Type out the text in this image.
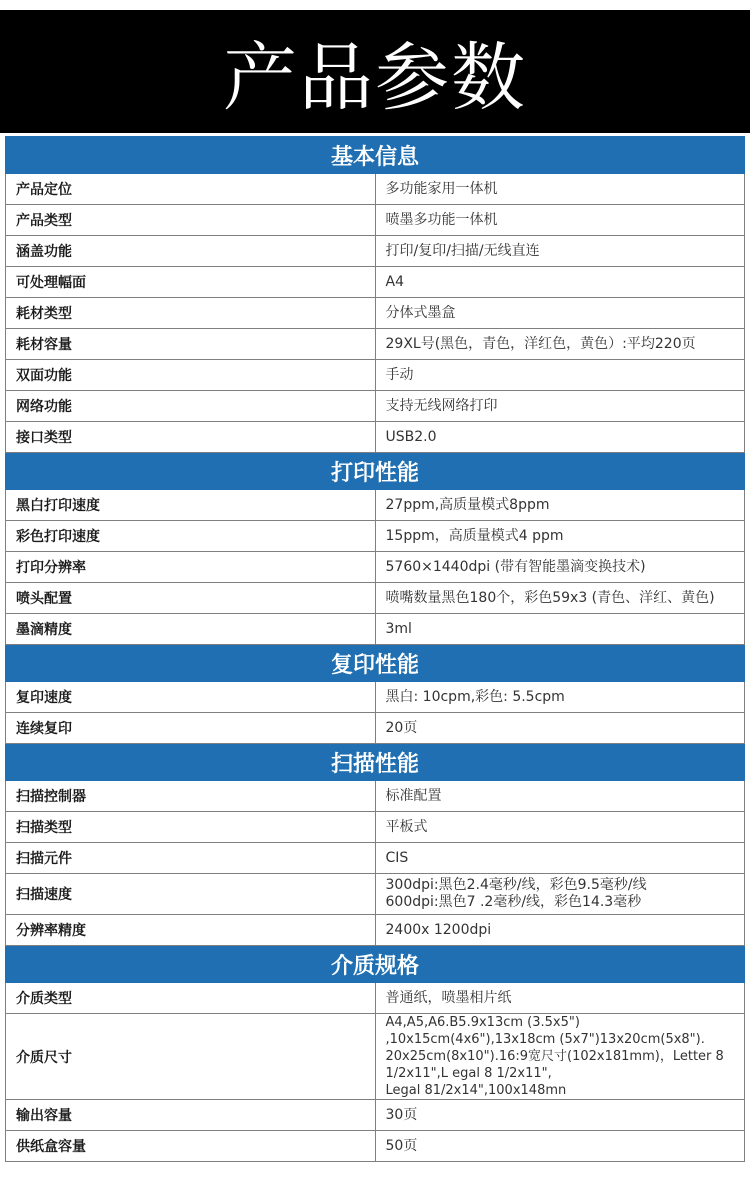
产品参数
基本信息	
产品定位	多功能家用一体机
产品类型	喷墨多功能一体机
涵盖功能	打印/复印/扫描/无线直连
可处理幅面	A4
耗材类型	分体式墨盒
耗材容量	29XL号(黑色，青色，洋红色，黄色）:平均220页
双面功能	手动
网络功能	支持无线网络打印
接口类型	USB2.0
打印性能	
黑白打印速度	27ppm,高质量模式8ppm
彩色打印速度	15ppm，高质量模式4 ppm
打印分辨率	5760×1440dpi (带有智能墨滴变换技术)
喷头配置	喷嘴数量黑色180个，彩色59x3 (青色、洋红、黄色)
墨滴精度	3ml
复印性能	
复印速度	黑白: 10cpm,彩色: 5.5cpm
连续复印	20页
扫描性能	
扫描控制器	标准配置
扫描类型	平板式
扫描元件	CIS
扫描速度	300dpi:黑色2.4毫秒/线，彩色9.5毫秒/线
600dpi:黑色7 .2毫秒/线，彩色14.3毫秒

分辨率精度	2400x 1200dpi
介质规格	
介质类型	普通纸，喷墨相片纸
介质尺寸	A4,A5,A6.B5.9x13cm (3.5x5") ,10x15cm(4x6"),13x18cm (5x7")13x20cm(5x8").
20x25cm(8x10").16:9宽尺寸(102x181mm)，Letter 8 1/2x11",L egal 8 1/2x11",
Legal 81/2x14",100x148mn

输出容量	30页
供纸盒容量	50页
